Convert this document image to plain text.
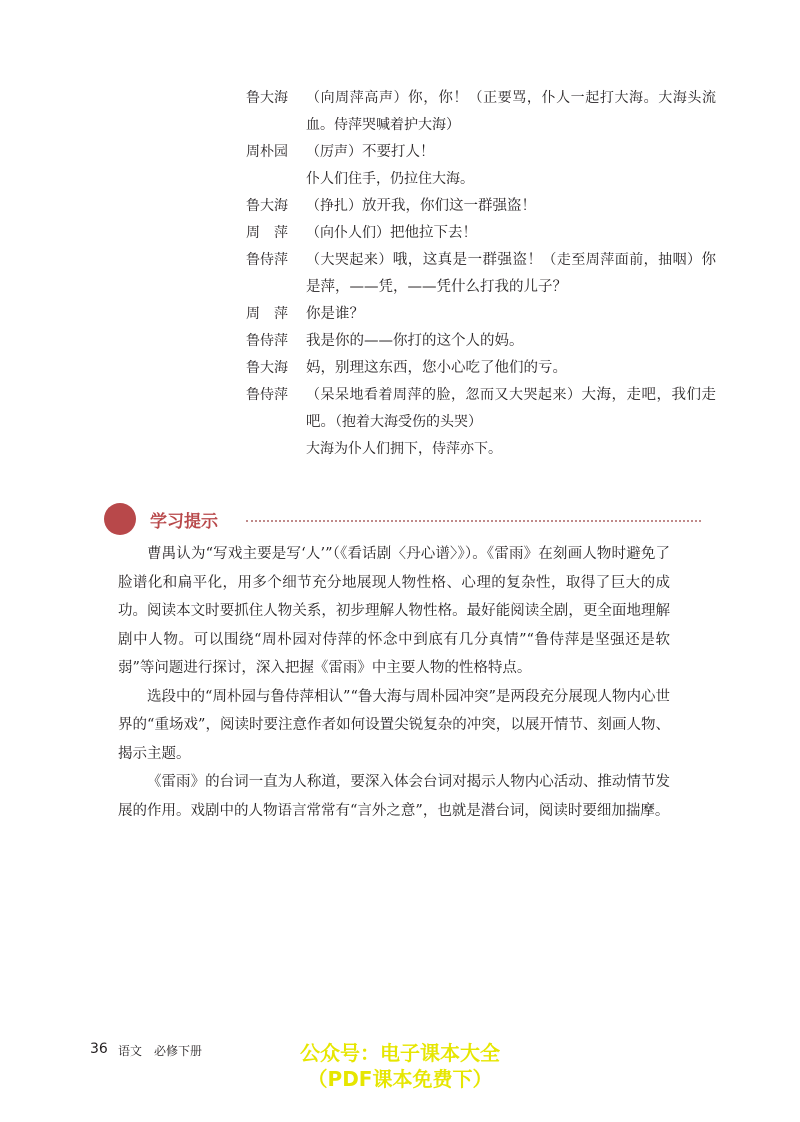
鲁大海	（向周萍高声）你，你！（正要骂，仆人一起打大海。大海头流血。侍萍哭喊着护大海）
周朴园	（厉声）不要打人！
仆人们住手，仍拉住大海。
鲁大海	（挣扎）放开我，你们这一群强盗！
周　萍	（向仆人们）把他拉下去！
鲁侍萍	（大哭起来）哦，这真是一群强盗！（走至周萍面前，抽咽）你是萍，——凭，——凭什么打我的儿子？
周　萍	你是谁？
鲁侍萍	我是你的——你打的这个人的妈。
鲁大海	妈，别理这东西，您小心吃了他们的亏。
鲁侍萍	（呆呆地看着周萍的脸，忽而又大哭起来）大海，走吧，我们走吧。（抱着大海受伤的头哭）
大海为仆人们拥下，侍萍亦下。
学习提示

曹禺认为“写戏主要是写‘人’”（《看话剧〈丹心谱〉》）。《雷雨》在刻画人物时避免了脸谱化和扁平化，用多个细节充分地展现人物性格、心理的复杂性，取得了巨大的成功。阅读本文时要抓住人物关系，初步理解人物性格。最好能阅读全剧，更全面地理解剧中人物。可以围绕“周朴园对侍萍的怀念中到底有几分真情”“鲁侍萍是坚强还是软弱”等问题进行探讨，深入把握《雷雨》中主要人物的性格特点。

选段中的“周朴园与鲁侍萍相认”“鲁大海与周朴园冲突”是两段充分展现人物内心世界的“重场戏”，阅读时要注意作者如何设置尖锐复杂的冲突，以展开情节、刻画人物、揭示主题。

《雷雨》的台词一直为人称道，要深入体会台词对揭示人物内心活动、推动情节发展的作用。戏剧中的人物语言常常有“言外之意”，也就是潜台词，阅读时要细加揣摩。

36 语文　必修下册	公众号：电子课本大全
（PDF课本免费下）
